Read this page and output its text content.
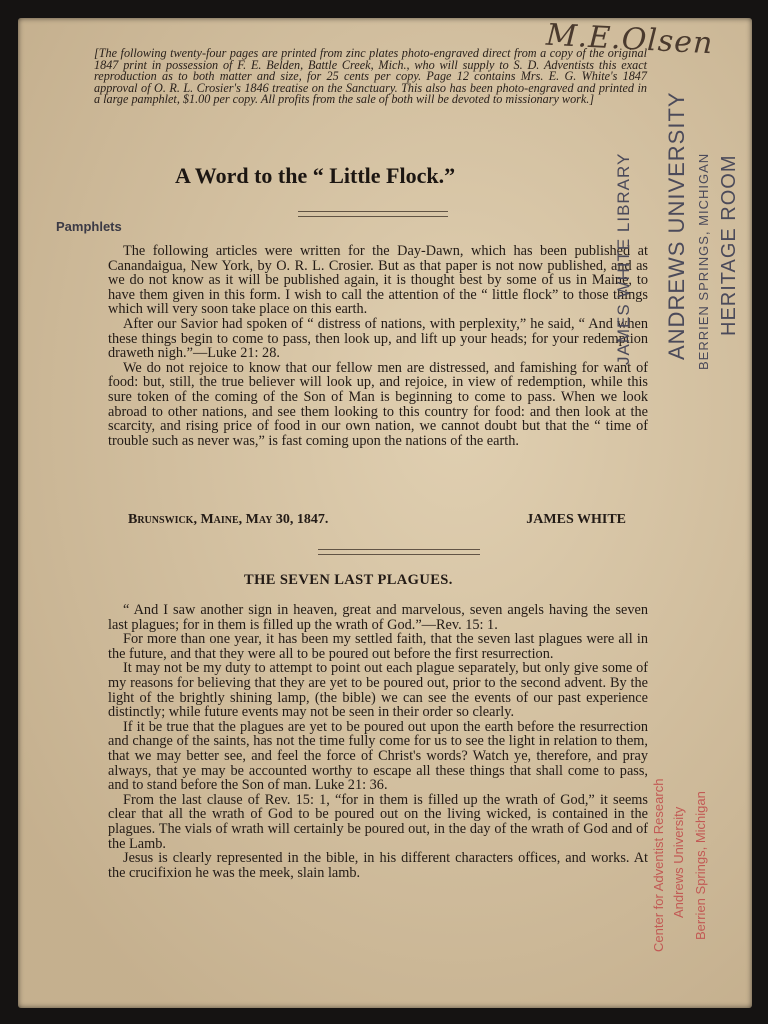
M.E.Olsen
[The following twenty-four pages are printed from zinc plates photo-engraved direct from a copy of the original 1847 print in possession of F. E. Belden, Battle Creek, Mich., who will supply to S. D. Adventists this exact reproduction as to both matter and size, for 25 cents per copy. Page 12 contains Mrs. E. G. White's 1847 approval of O. R. L. Crosier's 1846 treatise on the Sanctuary. This also has been photo-engraved and printed in a large pamphlet, $1.00 per copy. All profits from the sale of both will be devoted to missionary work.]
A Word to the “ Little Flock.”
Pamphlets

The following articles were written for the Day-Dawn, which has been published at Canandaigua, New York, by O. R. L. Crosier. But as that paper is not now published, and as we do not know as it will be published again, it is thought best by some of us in Maine, to have them given in this form. I wish to call the attention of the “ little flock” to those things which will very soon take place on this earth.

After our Savior had spoken of “ distress of nations, with perplexity,” he said, “ And when these things begin to come to pass, then look up, and lift up your heads; for your redemption draweth nigh.”—Luke 21: 28.

We do not rejoice to know that our fellow men are distressed, and famishing for want of food: but, still, the true believer will look up, and rejoice, in view of redemption, while this sure token of the coming of the Son of Man is beginning to come to pass. When we look abroad to other nations, and see them looking to this country for food: and then look at the scarcity, and rising price of food in our own nation, we cannot doubt but that the “ time of trouble such as never was,” is fast coming upon the nations of the earth.

Brunswick, Maine, May 30, 1847.	JAMES WHITE
THE SEVEN LAST PLAGUES.

“ And I saw another sign in heaven, great and marvelous, seven angels having the seven last plagues; for in them is filled up the wrath of God.”—Rev. 15: 1.

For more than one year, it has been my settled faith, that the seven last plagues were all in the future, and that they were all to be poured out before the first resurrection.

It may not be my duty to attempt to point out each plague separately, but only give some of my reasons for believing that they are yet to be poured out, prior to the second advent. By the light of the brightly shining lamp, (the bible) we can see the events of our past experience distinctly; while future events may not be seen in their order so clearly.

If it be true that the plagues are yet to be poured out upon the earth before the resurrection and change of the saints, has not the time fully come for us to see the light in relation to them, that we may better see, and feel the force of Christ's words? Watch ye, therefore, and pray always, that ye may be accounted worthy to escape all these things that shall come to pass, and to stand before the Son of man. Luke 21: 36.

From the last clause of Rev. 15: 1, “for in them is filled up the wrath of God,” it seems clear that all the wrath of God to be poured out on the living wicked, is contained in the plagues. The vials of wrath will certainly be poured out, in the day of the wrath of God and of the Lamb.

Jesus is clearly represented in the bible, in his different characters offices, and works. At the crucifixion he was the meek, slain lamb.

JAMES WHITE LIBRARY ANDREWS UNIVERSITY BERRIEN SPRINGS, MICHIGAN HERITAGE ROOM
Center for Adventist Research Andrews University Berrien Springs, Michigan
